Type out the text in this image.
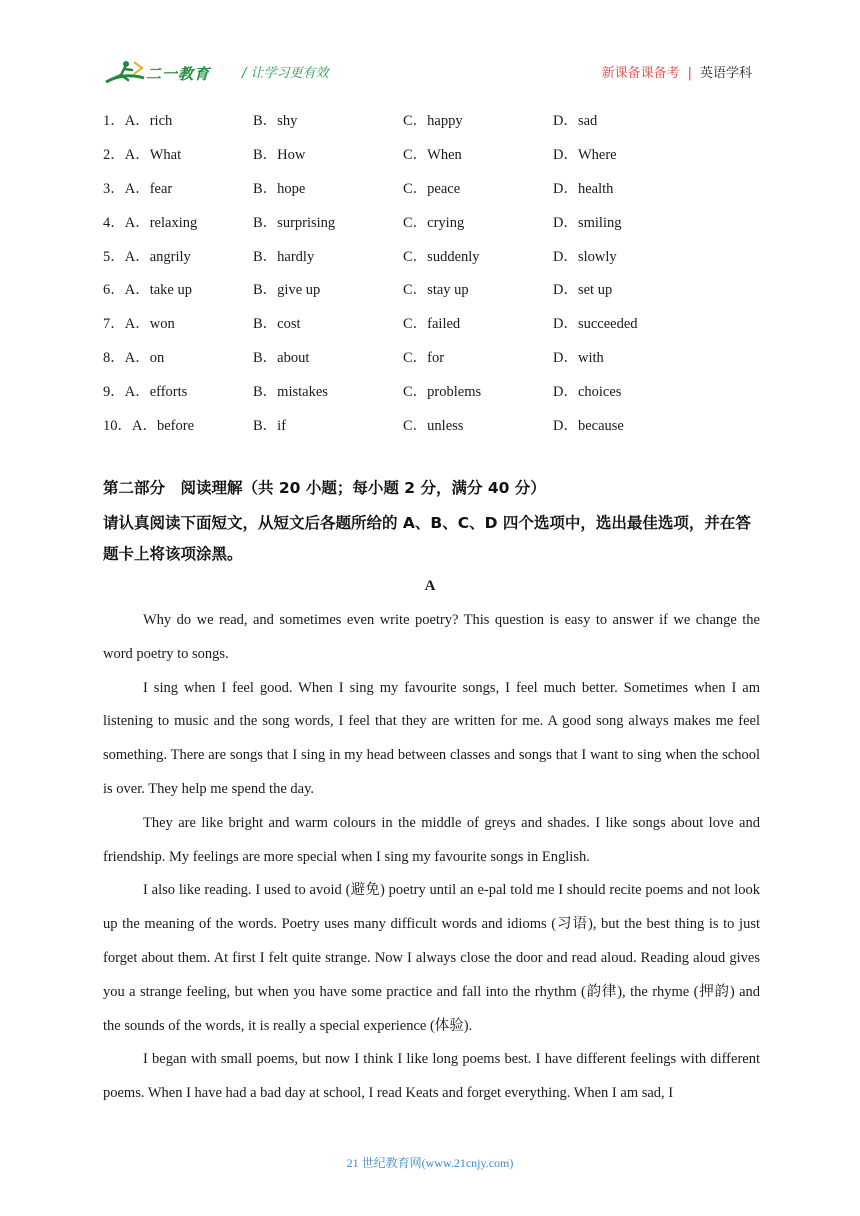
二一教育 / 让学习更有效	新课备课备考 | 英语学科
1．A．rich	B．shy	C．happy	D．sad
2．A．What	B．How	C．When	D．Where
3．A．fear	B．hope	C．peace	D．health
4．A．relaxing	B．surprising	C．crying	D．smiling
5．A．angrily	B．hardly	C．suddenly	D．slowly
6．A．take up	B．give up	C．stay up	D．set up
7．A．won	B．cost	C．failed	D．succeeded
8．A．on	B．about	C．for	D．with
9．A．efforts	B．mistakes	C．problems	D．choices
10．A．before	B．if	C．unless	D．because
第二部分　阅读理解（共 20 小题；每小题 2 分，满分 40 分）
请认真阅读下面短文，从短文后各题所给的 A、B、C、D 四个选项中，选出最佳选项，并在答题卡上将该项涂黑。
A

Why do we read, and sometimes even write poetry? This question is easy to answer if we change the word poetry to songs.

I sing when I feel good. When I sing my favourite songs, I feel much better. Sometimes when I am listening to music and the song words, I feel that they are written for me. A good song always makes me feel something. There are songs that I sing in my head between classes and songs that I want to sing when the school is over. They help me spend the day.

They are like bright and warm colours in the middle of greys and shades. I like songs about love and friendship. My feelings are more special when I sing my favourite songs in English.

I also like reading. I used to avoid (避免) poetry until an e-pal told me I should recite poems and not look up the meaning of the words. Poetry uses many difficult words and idioms (习语), but the best thing is to just forget about them. At first I felt quite strange. Now I always close the door and read aloud. Reading aloud gives you a strange feeling, but when you have some practice and fall into the rhythm (韵律), the rhyme (押韵) and the sounds of the words, it is really a special experience (体验).

I began with small poems, but now I think I like long poems best. I have different feelings with different poems. When I have had a bad day at school, I read Keats and forget everything. When I am sad, I

21 世纪教育网(www.21cnjy.com)
